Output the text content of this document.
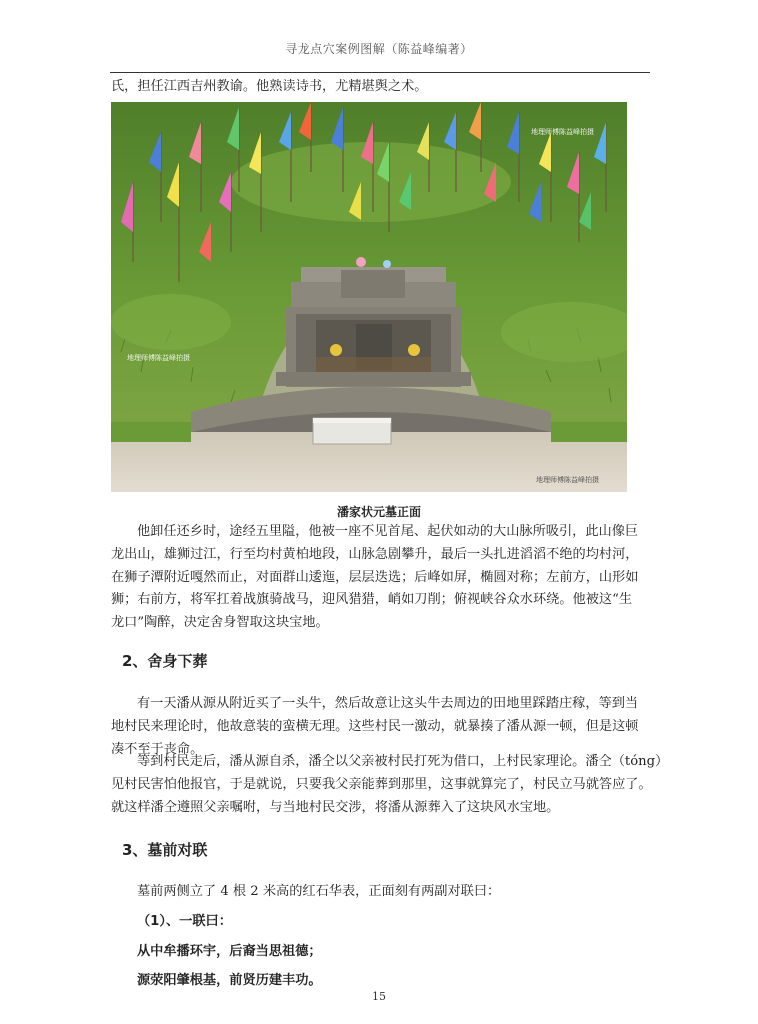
寻龙点穴案例图解（陈益峰编著）
氏，担任江西吉州教谕。他熟读诗书，尤精堪舆之术。
地理师傅陈益峰拍摄
地理师傅陈益峰拍摄
地理师傅陈益峰拍摄
潘家状元墓正面
他卸任还乡时，途经五里隘，他被一座不见首尾、起伏如动的大山脉所吸引，此山像巨
龙出山，雄狮过江，行至均村黄柏地段，山脉急剧攀升，最后一头扎进滔滔不绝的均村河，
在狮子潭附近嘎然而止，对面群山逶迤，层层迭选；后峰如屏，椭圆对称；左前方，山形如
狮；右前方，将军扛着战旗骑战马，迎风猎猎，峭如刀削；俯视峡谷众水环绕。他被这“生
龙口”陶醉，决定舍身智取这块宝地。
2、舍身下葬
有一天潘从源从附近买了一头牛，然后故意让这头牛去周边的田地里踩踏庄稼，等到当
地村民来理论时，他故意装的蛮横无理。这些村民一激动，就暴揍了潘从源一顿，但是这顿
凑不至于丧命。
等到村民走后，潘从源自杀，潘仝以父亲被村民打死为借口，上村民家理论。潘仝（tóng）
见村民害怕他报官，于是就说，只要我父亲能葬到那里，这事就算完了，村民立马就答应了。
就这样潘仝遵照父亲嘱咐，与当地村民交涉，将潘从源葬入了这块风水宝地。
3、墓前对联
墓前两侧立了 4 根 2 米高的红石华表，正面刻有两副对联曰：
（1）、一联曰：
从中牟播环宇，后裔当思祖德；
源荥阳肇根基，前贤历建丰功。
15
